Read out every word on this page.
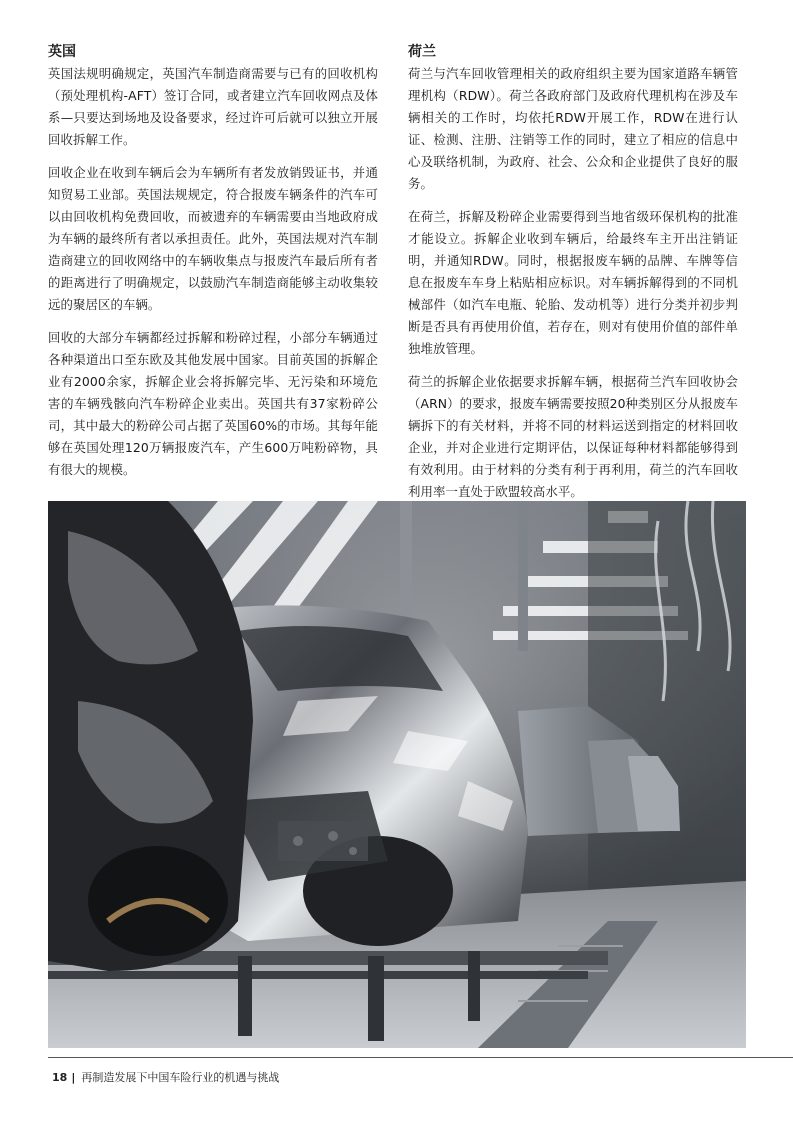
英国

英国法规明确规定，英国汽车制造商需要与已有的回收机构（预处理机构-AFT）签订合同，或者建立汽车回收网点及体系—只要达到场地及设备要求，经过许可后就可以独立开展回收拆解工作。

回收企业在收到车辆后会为车辆所有者发放销毁证书，并通知贸易工业部。英国法规规定，符合报废车辆条件的汽车可以由回收机构免费回收，而被遗弃的车辆需要由当地政府成为车辆的最终所有者以承担责任。此外，英国法规对汽车制造商建立的回收网络中的车辆收集点与报废汽车最后所有者的距离进行了明确规定，以鼓励汽车制造商能够主动收集较远的聚居区的车辆。

回收的大部分车辆都经过拆解和粉碎过程，小部分车辆通过各种渠道出口至东欧及其他发展中国家。目前英国的拆解企业有2000余家，拆解企业会将拆解完毕、无污染和环境危害的车辆残骸向汽车粉碎企业卖出。英国共有37家粉碎公司，其中最大的粉碎公司占据了英国60%的市场。其每年能够在英国处理120万辆报废汽车，产生600万吨粉碎物，具有很大的规模。

荷兰

荷兰与汽车回收管理相关的政府组织主要为国家道路车辆管理机构（RDW）。荷兰各政府部门及政府代理机构在涉及车辆相关的工作时，均依托RDW开展工作，RDW在进行认证、检测、注册、注销等工作的同时，建立了相应的信息中心及联络机制，为政府、社会、公众和企业提供了良好的服务。

在荷兰，拆解及粉碎企业需要得到当地省级环保机构的批准才能设立。拆解企业收到车辆后，给最终车主开出注销证明，并通知RDW。同时，根据报废车辆的品牌、车牌等信息在报废车车身上粘贴相应标识。对车辆拆解得到的不同机械部件（如汽车电瓶、轮胎、发动机等）进行分类并初步判断是否具有再使用价值，若存在，则对有使用价值的部件单独堆放管理。

荷兰的拆解企业依据要求拆解车辆，根据荷兰汽车回收协会（ARN）的要求，报废车辆需要按照20种类别区分从报废车辆拆下的有关材料，并将不同的材料运送到指定的材料回收企业，并对企业进行定期评估，以保证每种材料都能够得到有效利用。由于材料的分类有利于再利用，荷兰的汽车回收利用率一直处于欧盟较高水平。

18 | 再制造发展下中国车险行业的机遇与挑战
